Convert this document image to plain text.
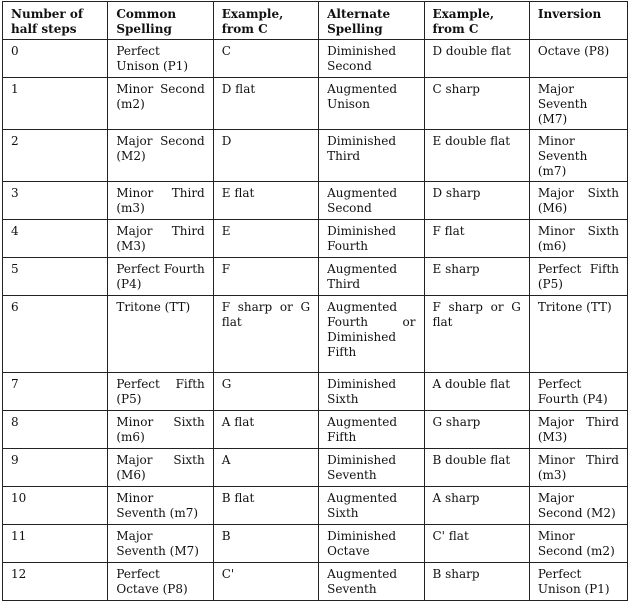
Number of half steps	Common Spelling	Example, from C	Alternate Spelling	Example, from C	Inversion
0	Perfect Unison (P1)	C	Diminished Second	D double flat	Octave (P8)
1	Minor Second (m2)	D flat	Augmented Unison	C sharp	Major Seventh (M7)
2	Major Second (M2)	D	Diminished Third	E double flat	Minor Seventh (m7)
3	Minor Third (m3)	E flat	Augmented Second	D sharp	Major Sixth (M6)
4	Major Third (M3)	E	Diminished Fourth	F flat	Minor Sixth (m6)
5	Perfect Fourth (P4)	F	Augmented Third	E sharp	Perfect Fifth (P5)
6	Tritone (TT)	F sharp or G flat	Augmented Fourth or Diminished Fifth	F sharp or G flat	Tritone (TT)
7	Perfect Fifth (P5)	G	Diminished Sixth	A double flat	Perfect Fourth (P4)
8	Minor Sixth (m6)	A flat	Augmented Fifth	G sharp	Major Third (M3)
9	Major Sixth (M6)	A	Diminished Seventh	B double flat	Minor Third (m3)
10	Minor Seventh (m7)	B flat	Augmented Sixth	A sharp	Major Second (M2)
11	Major Seventh (M7)	B	Diminished Octave	C' flat	Minor Second (m2)
12	Perfect Octave (P8)	C'	Augmented Seventh	B sharp	Perfect Unison (P1)
